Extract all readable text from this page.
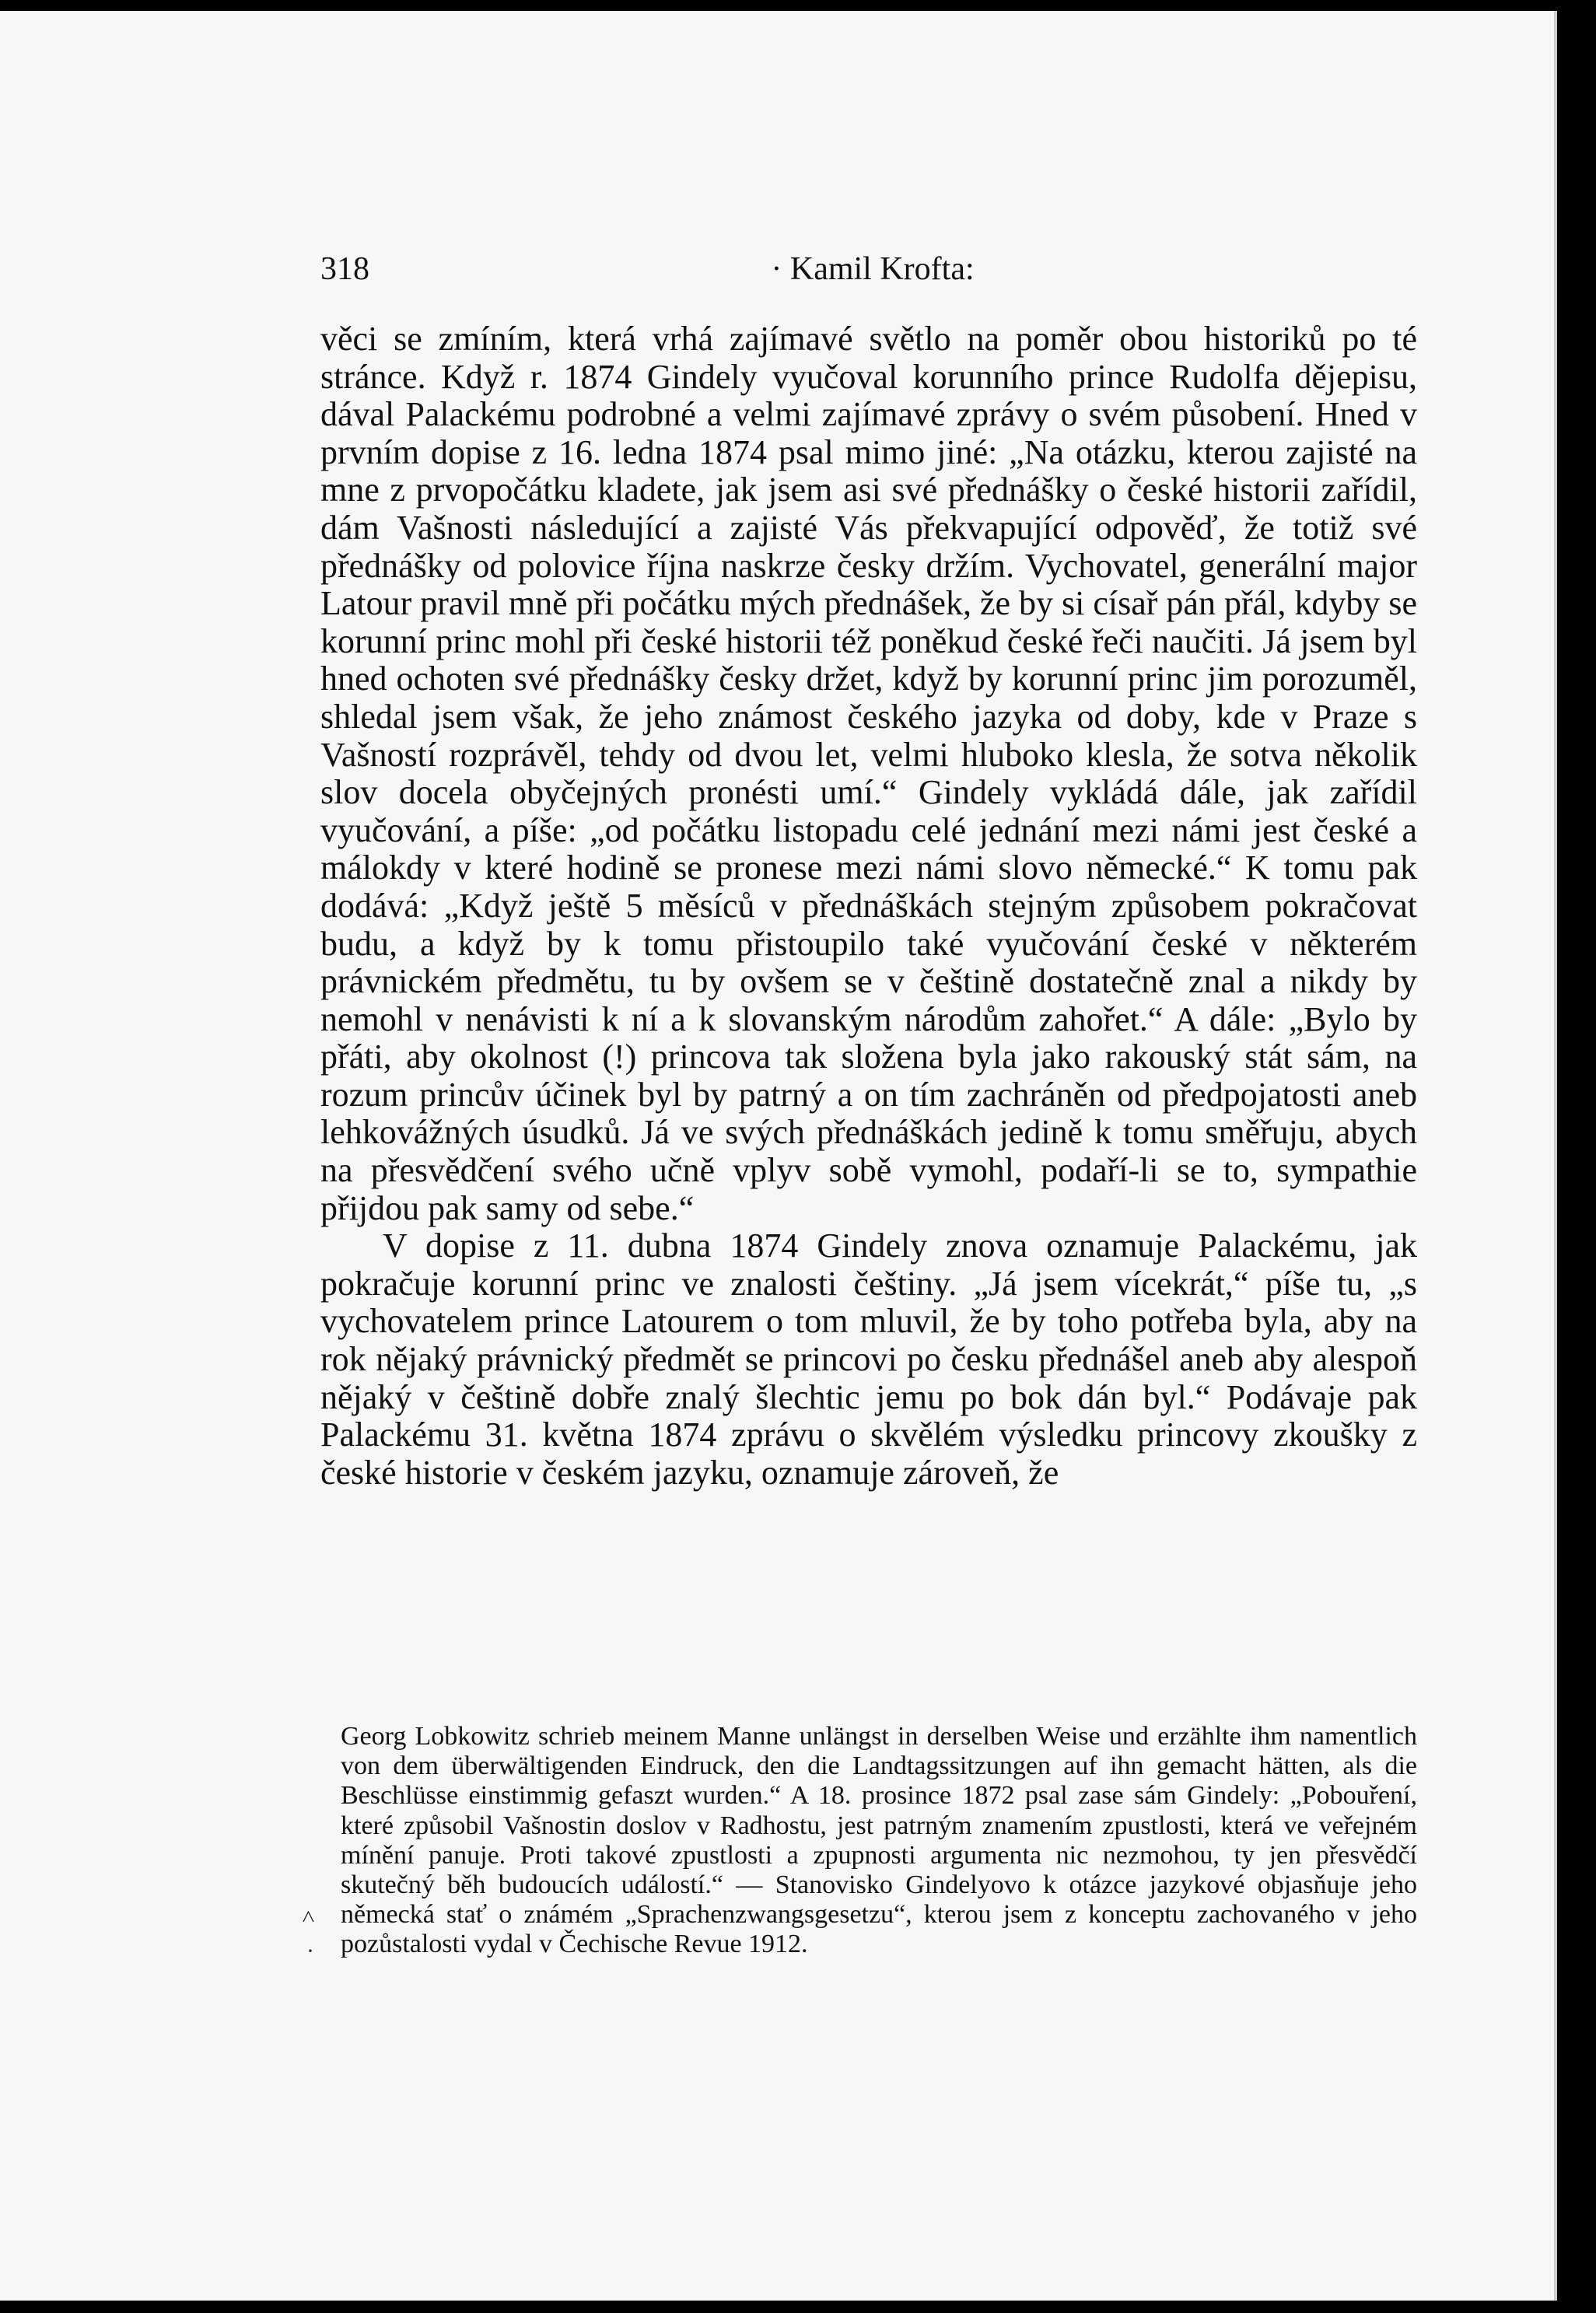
318	· Kamil Krofta:

věci se zmíním, která vrhá zajímavé světlo na poměr obou historiků po té stránce. Když r. 1874 Gindely vyučoval korunního prince Rudolfa dějepisu, dával Palackému podrobné a velmi zajímavé zprávy o svém působení. Hned v prvním dopise z 16. ledna 1874 psal mimo jiné: „Na otázku, kterou zajisté na mne z prvopočátku kladete, jak jsem asi své přednášky o české historii zařídil, dám Vašnosti následující a zajisté Vás překvapující odpověď, že totiž své přednášky od polovice října naskrze česky držím. Vychovatel, generální major Latour pravil mně při počátku mých přednášek, že by si císař pán přál, kdyby se korunní princ mohl při české historii též poněkud české řeči naučiti. Já jsem byl hned ochoten své přednášky česky držet, když by korunní princ jim porozuměl, shledal jsem však, že jeho známost českého jazyka od doby, kde v Praze s Vašností rozprávěl, tehdy od dvou let, velmi hluboko klesla, že sotva několik slov docela obyčejných pronésti umí.“ Gindely vykládá dále, jak zařídil vyučování, a píše: „od počátku listopadu celé jednání mezi námi jest české a málokdy v které hodině se pronese mezi námi slovo německé.“ K tomu pak dodává: „Když ještě 5 měsíců v přednáškách stejným způsobem pokračovat budu, a když by k tomu přistoupilo také vyučování české v některém právnickém předmětu, tu by ovšem se v češtině dostatečně znal a nikdy by nemohl v nenávisti k ní a k slovanským národům zahořet.“ A dále: „Bylo by přáti, aby okolnost (!) princova tak složena byla jako rakouský stát sám, na rozum princův účinek byl by patrný a on tím zachráněn od předpojatosti aneb lehkovážných úsudků. Já ve svých přednáškách jedině k tomu směřuju, abych na přesvědčení svého učně vplyv sobě vymohl, podaří-li se to, sympathie přijdou pak samy od sebe.“

V dopise z 11. dubna 1874 Gindely znova oznamuje Palackému, jak pokračuje korunní princ ve znalosti češtiny. „Já jsem vícekrát,“ píše tu, „s vychovatelem prince Latourem o tom mluvil, že by toho potřeba byla, aby na rok nějaký právnický předmět se princovi po česku přednášel aneb aby alespoň nějaký v češtině dobře znalý šlechtic jemu po bok dán byl.“ Podávaje pak Palackému 31. května 1874 zprávu o skvělém výsledku princovy zkoušky z české historie v českém jazyku, oznamuje zároveň, že

Georg Lobkowitz schrieb meinem Manne unlängst in derselben Weise und erzählte ihm namentlich von dem überwältigenden Eindruck, den die Landtagssitzungen auf ihn gemacht hätten, als die Beschlüsse einstimmig gefaszt wurden.“ A 18. prosince 1872 psal zase sám Gindely: „Pobouření, které způsobil Vašnostin doslov v Radhostu, jest patrným znamením zpustlosti, která ve veřejném mínění panuje. Proti takové zpustlosti a zpupnosti argumenta nic nezmohou, ty jen přesvědčí skutečný běh budoucích událostí.“ — Stanovisko Gindelyovo k otázce jazykové objasňuje jeho německá stať o známém „Sprachenzwangsgesetzu“, kterou jsem z konceptu zachovaného v jeho pozůstalosti vydal v Čechische Revue 1912.

˄
·
